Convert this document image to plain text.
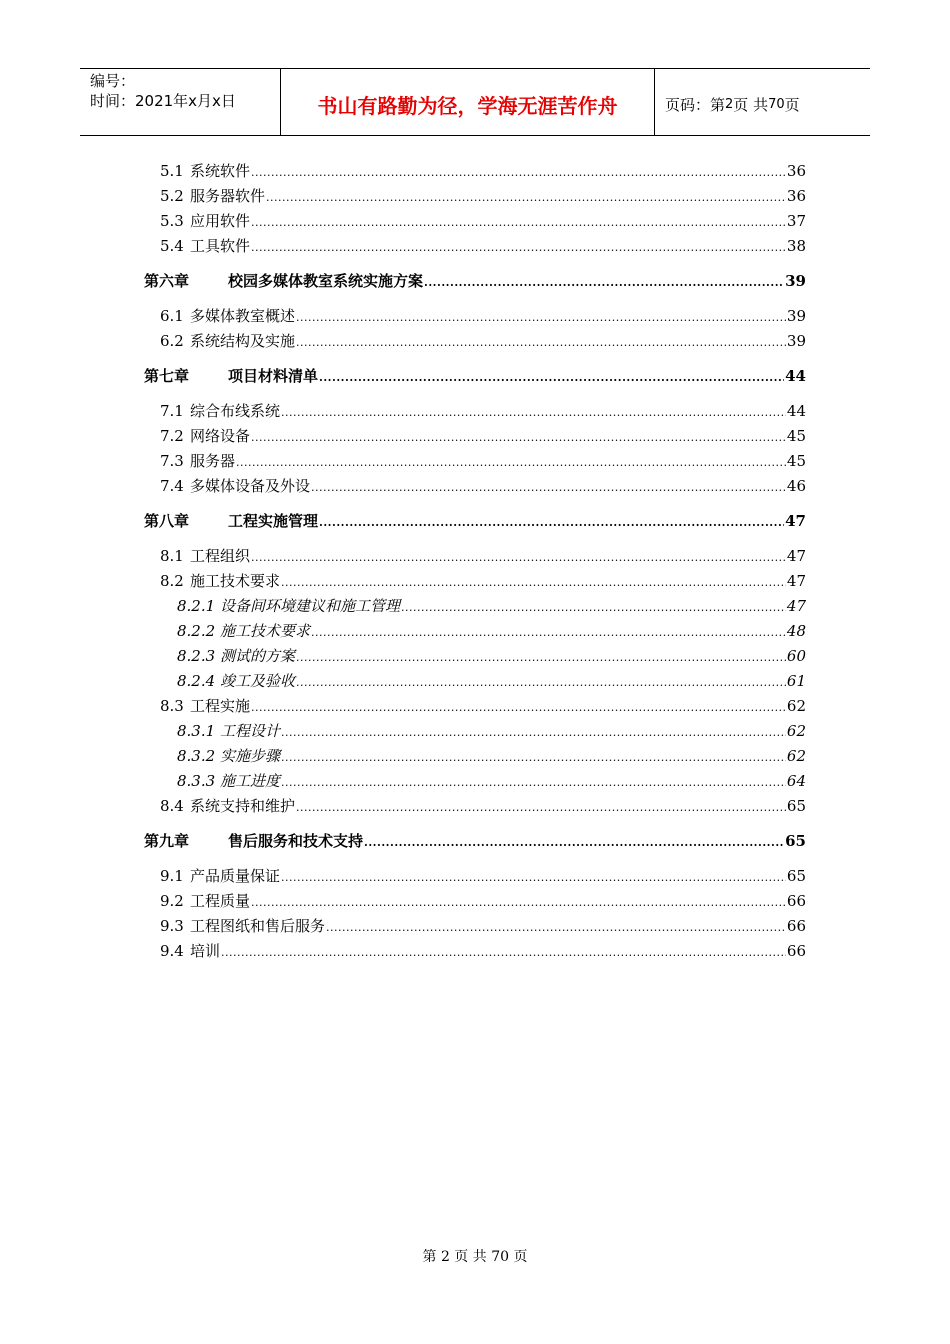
编号：
时间：2021年x月x日	书山有路勤为径，学海无涯苦作舟	页码：第 2 页 共 70 页
5.1 系统软件 .....	36
5.2 服务器软件 .....	36
5.3 应用软件 .....	37
5.4 工具软件 .....	38
第六章	校园多媒体教室系统实施方案 .....	39
6.1 多媒体教室概述 .....	39
6.2 系统结构及实施 .....	39
第七章	项目材料清单 .....	44
7.1 综合布线系统 .....	44
7.2 网络设备 .....	45
7.3 服务器 .....	45
7.4 多媒体设备及外设 .....	46
第八章	工程实施管理 .....	47
8.1 工程组织 .....	47
8.2 施工技术要求 .....	47
8.2.1 设备间环境建议和施工管理 .....	47
8.2.2 施工技术要求 .....	48
8.2.3 测试的方案 .....	60
8.2.4 竣工及验收 .....	61
8.3 工程实施 .....	62
8.3.1 工程设计 .....	62
8.3.2 实施步骤 .....	62
8.3.3 施工进度 .....	64
8.4 系统支持和维护 .....	65
第九章	售后服务和技术支持 .....	65
9.1 产品质量保证 .....	65
9.2 工程质量 .....	66
9.3 工程图纸和售后服务 .....	66
9.4 培训 .....	66
第 2 页 共 70 页
